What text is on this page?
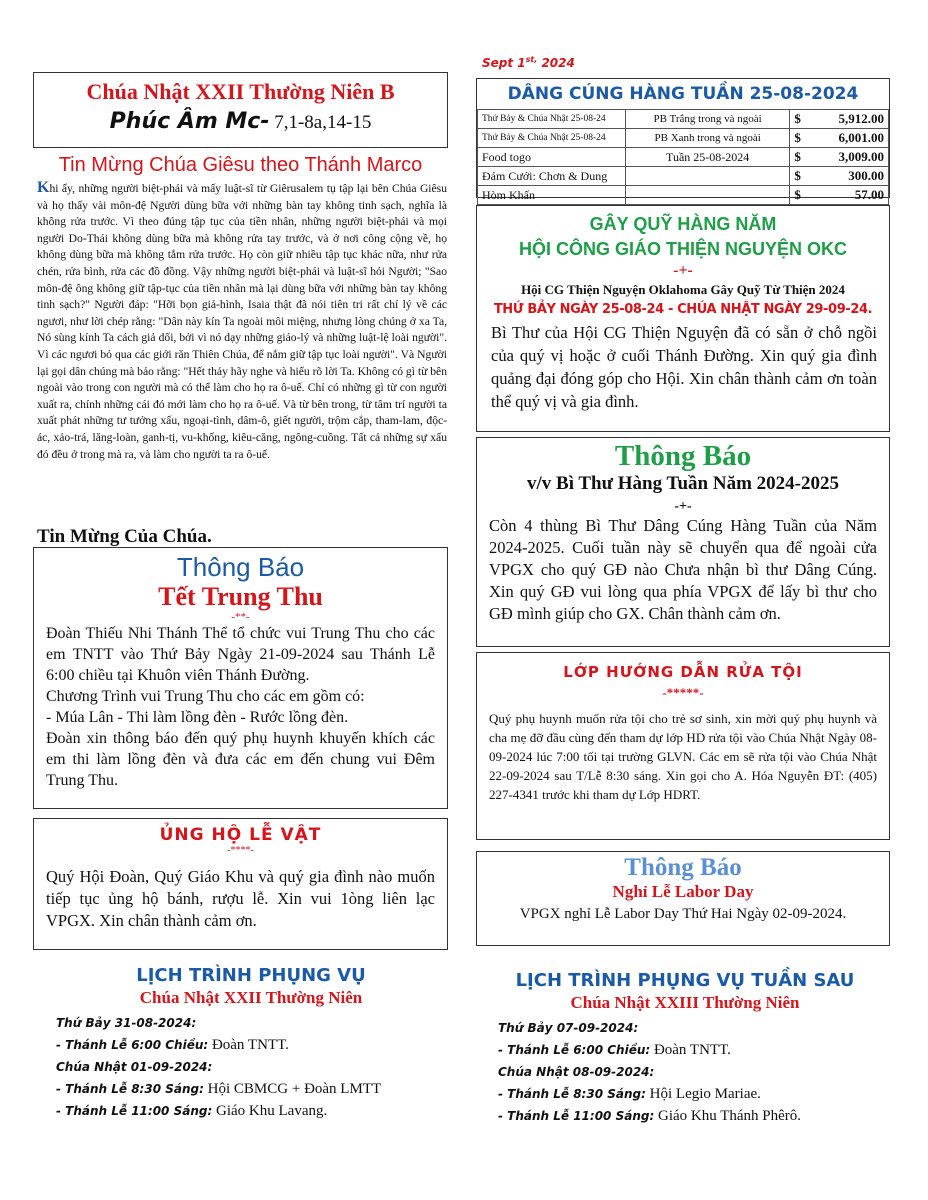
Chúa Nhật XXII Thường Niên B
Phúc Âm Mc- 7,1-8a,14-15
Tin Mừng Chúa Giêsu theo Thánh Marco
Khi ấy, những người biệt-phái và mấy luật-sĩ từ Giêrusalem tụ tập lại bên Chúa Giêsu và họ thấy vài môn-đệ Người dùng bữa với những bàn tay không tinh sạch, nghĩa là không rửa trước. Vì theo đúng tập tục của tiền nhân, những người biệt-phái và mọi người Do-Thái không dùng bữa mà không rửa tay trước, và ở nơi công cộng về, họ không dùng bữa mà không tắm rửa trước. Họ còn giữ nhiều tập tục khác nữa, như rửa chén, rửa bình, rửa các đồ đồng. Vậy những người biệt-phái và luật-sĩ hỏi Người; "Sao môn-đệ ông không giữ tập-tục của tiền nhân mà lại dùng bữa với những bàn tay không tinh sạch?" Người đáp: "Hỡi bọn giả-hình, Isaia thật đã nói tiên tri rất chí lý về các ngươi, như lời chép rằng: "Dân này kín Ta ngoài môi miệng, nhưng lòng chúng ở xa Ta, Nó sùng kính Ta cách giả dối, bởi vì nó dạy những giáo-lý và những luật-lệ loài người". Vì các ngươi bỏ qua các giới răn Thiên Chúa, để nắm giữ tập tục loài người". Và Người lại gọi dân chúng mà bảo rằng: "Hết thảy hãy nghe và hiểu rõ lời Ta. Không có gì từ bên ngoài vào trong con người mà có thể làm cho họ ra ô-uế. Chỉ có những gì từ con người xuất ra, chính những cái đó mới làm cho họ ra ô-uế. Và từ bên trong, từ tâm trí người ta xuất phát những tư tưởng xấu, ngoại-tình, dâm-ô, giết người, trộm cắp, tham-lam, độc-ác, xảo-trá, lăng-loàn, ganh-tị, vu-khống, kiêu-căng, ngông-cuồng. Tất cả những sự xấu đó đều ở trong mà ra, và làm cho người ta ra ô-uế.
Tin Mừng Của Chúa.
Thông Báo
Tết Trung Thu
-**-
Đoàn Thiếu Nhi Thánh Thể tổ chức vui Trung Thu cho các em TNTT vào Thứ Bảy Ngày 21-09-2024 sau Thánh Lễ 6:00 chiều tại Khuôn viên Thánh Đường.
Chương Trình vui Trung Thu cho các em gồm có:
- Múa Lân - Thi làm lồng đèn - Rước lồng đèn.
Đoàn xin thông báo đến quý phụ huynh khuyến khích các em thi làm lồng đèn và đưa các em đến chung vui Đêm Trung Thu.
ỦNG HỘ LỄ VẬT
-****-
Quý Hội Đoàn, Quý Giáo Khu và quý gia đình nào muốn tiếp tục ủng hộ bánh, rượu lễ. Xin vui 1òng liên lạc VPGX. Xin chân thành cảm ơn.
LỊCH TRÌNH PHỤNG VỤ
Chúa Nhật XXII Thường Niên
Thứ Bảy 31-08-2024:
- Thánh Lễ 6:00 Chiều: Đoàn TNTT.
Chúa Nhật 01-09-2024:
- Thánh Lễ 8:30 Sáng: Hội CBMCG + Đoàn LMTT
- Thánh Lễ 11:00 Sáng: Giáo Khu Lavang.
Sept $1^{st,}$ 2024
DÂNG CÚNG HÀNG TUẦN 25-08-2024
Thứ Bảy & Chúa Nhật 25-08-24	PB Trắng trong và ngoài	$	5,912.00
Thứ Bảy & Chúa Nhật 25-08-24	PB Xanh trong và ngoài	$	6,001.00
Food togo	Tuần 25-08-2024	$	3,009.00
Đám Cưới: Chơn & Dung		$	300.00
Hòm Khấn		$	57.00
GÂY QUỸ HÀNG NĂM
HỘI CÔNG GIÁO THIỆN NGUYỆN OKC
-+-
Hội CG Thiện Nguyện Oklahoma Gây Quỹ Từ Thiện 2024
THỨ BẢY NGÀY 25-08-24 - CHÚA NHẬT NGÀY 29-09-24.
Bì Thư của Hội CG Thiện Nguyện đã có sẵn ở chỗ ngồi của quý vị hoặc ở cuối Thánh Đường. Xin quý gia đình quảng đại đóng góp cho Hội. Xin chân thành cảm ơn toàn thể quý vị và gia đình.
Thông Báo
v/v Bì Thư Hàng Tuần Năm 2024-2025
-+-
Còn 4 thùng Bì Thư Dâng Cúng Hàng Tuần của Năm 2024-2025. Cuối tuần này sẽ chuyển qua để ngoài cửa VPGX cho quý GĐ nào Chưa nhận bì thư Dâng Cúng. Xin quý GĐ vui lòng qua phía VPGX để lấy bì thư cho GĐ mình giúp cho GX. Chân thành cảm ơn.
LỚP HƯỚNG DẪN RỬA TỘI
-*****-
Quý phụ huynh muốn rửa tội cho trẻ sơ sinh, xin mời quý phụ huynh và cha mẹ đỡ đầu cùng đến tham dự lớp HD rửa tội vào Chúa Nhật Ngày 08-09-2024 lúc 7:00 tối tại trường GLVN. Các em sẽ rửa tội vào Chúa Nhật 22-09-2024 sau T/Lễ 8:30 sáng. Xin gọi cho A. Hóa Nguyễn ĐT: (405) 227-4341 trước khi tham dự Lớp HDRT.
Thông Báo
Nghỉ Lễ Labor Day
VPGX nghỉ Lễ Labor Day Thứ Hai Ngày 02-09-2024.
LỊCH TRÌNH PHỤNG VỤ TUẦN SAU
Chúa Nhật XXIII Thường Niên
Thứ Bảy 07-09-2024:
- Thánh Lễ 6:00 Chiều: Đoàn TNTT.
Chúa Nhật 08-09-2024:
- Thánh Lễ 8:30 Sáng: Hội Legio Mariae.
- Thánh Lễ 11:00 Sáng: Giáo Khu Thánh Phêrô.
